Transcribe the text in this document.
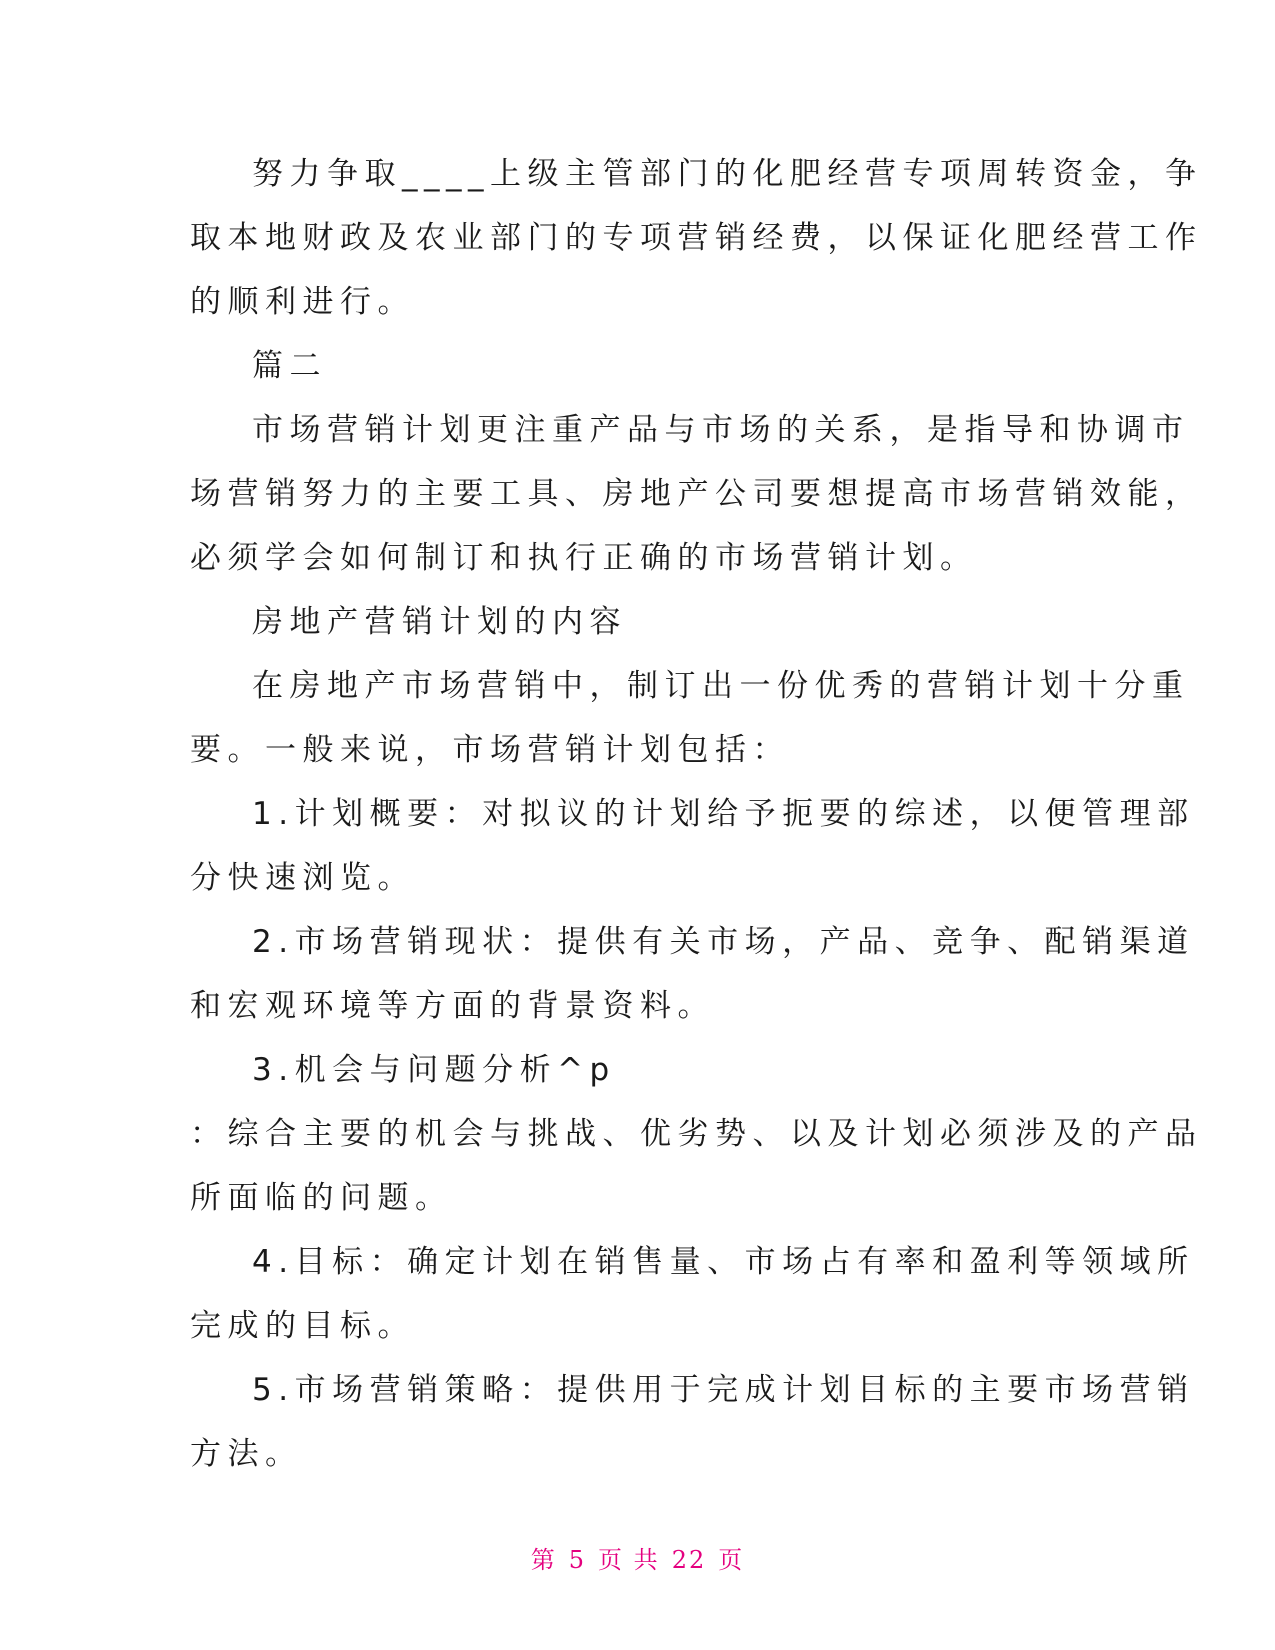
努力争取____上级主管部门的化肥经营专项周转资金，争
取本地财政及农业部门的专项营销经费，以保证化肥经营工作
的顺利进行。
篇二
市场营销计划更注重产品与市场的关系，是指导和协调市
场营销努力的主要工具、房地产公司要想提高市场营销效能，
必须学会如何制订和执行正确的市场营销计划。
房地产营销计划的内容
在房地产市场营销中，制订出一份优秀的营销计划十分重
要。一般来说，市场营销计划包括：
1.计划概要：对拟议的计划给予扼要的综述，以便管理部
分快速浏览。
2.市场营销现状：提供有关市场，产品、竞争、配销渠道
和宏观环境等方面的背景资料。
3.机会与问题分析^p
：综合主要的机会与挑战、优劣势、以及计划必须涉及的产品
所面临的问题。
4.目标：确定计划在销售量、市场占有率和盈利等领域所
完成的目标。
5.市场营销策略：提供用于完成计划目标的主要市场营销
方法。
第 5 页 共 22 页
